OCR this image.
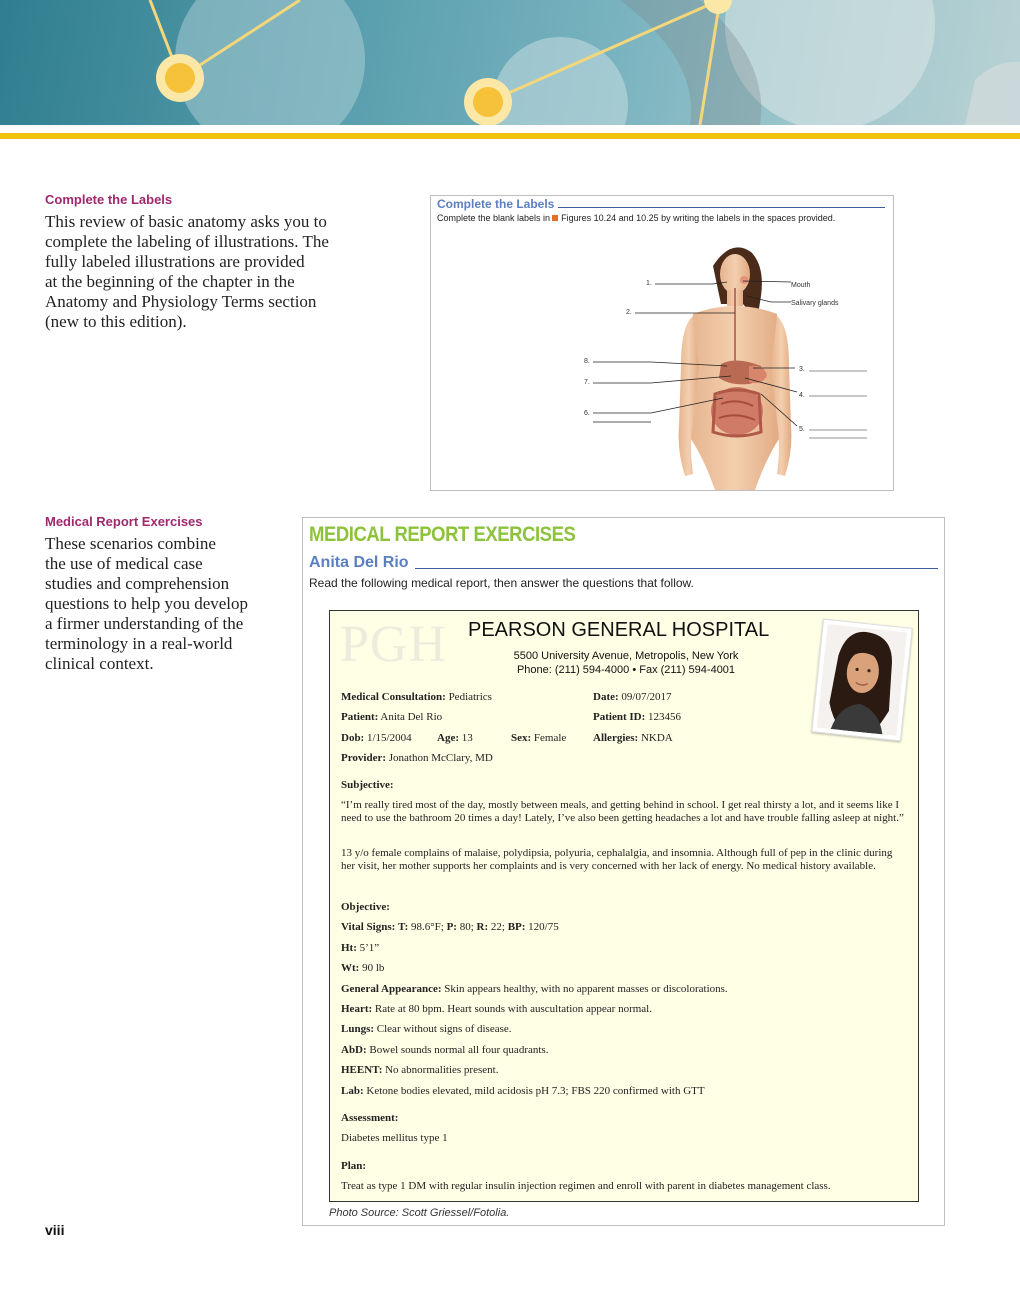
Complete the Labels
This review of basic anatomy asks you to
complete the labeling of illustrations. The
fully labeled illustrations are provided
at the beginning of the chapter in the
Anatomy and Physiology Terms section
(new to this edition).
Complete the Labels
Complete the blank labels in Figures 10.24 and 10.25 by writing the labels in the spaces provided.
1.
2.
3.
4.
5.
6.
7.
8.
Mouth
Salivary glands
Medical Report Exercises
These scenarios combine
the use of medical case
studies and comprehension
questions to help you develop
a firmer understanding of the
terminology in a real-world
clinical context.
MEDICAL REPORT EXERCISES
Anita Del Rio
Read the following medical report, then answer the questions that follow.
PGH PEARSON GENERAL HOSPITAL
5500 University Avenue, Metropolis, New York
Phone: (211) 594-4000 • Fax (211) 594-4001
Medical Consultation: Pediatrics	Date: 09/07/2017
Patient: Anita Del Rio	Patient ID: 123456
Dob: 1/15/2004 Age: 13	Sex: Female Allergies: NKDA
Provider: Jonathon McClary, MD
Subjective:
“I’m really tired most of the day, mostly between meals, and getting behind in school. I get real thirsty a lot, and it seems like I need to use the bathroom 20 times a day! Lately, I’ve also been getting headaches a lot and have trouble falling asleep at night.”
13 y/o female complains of malaise, polydipsia, polyuria, cephalalgia, and insomnia. Although full of pep in the clinic during her visit, her mother supports her complaints and is very concerned with her lack of energy. No medical history available.
Objective:
Vital Signs: T: 98.6°F; P: 80; R: 22; BP: 120/75
Ht: 5’1”
Wt: 90 lb
General Appearance: Skin appears healthy, with no apparent masses or discolorations.
Heart: Rate at 80 bpm. Heart sounds with auscultation appear normal.
Lungs: Clear without signs of disease.
AbD: Bowel sounds normal all four quadrants.
HEENT: No abnormalities present.
Lab: Ketone bodies elevated, mild acidosis pH 7.3; FBS 220 confirmed with GTT
Assessment:
Diabetes mellitus type 1
Plan:
Treat as type 1 DM with regular insulin injection regimen and enroll with parent in diabetes management class.
Photo Source: Scott Griessel/Fotolia.
viii
